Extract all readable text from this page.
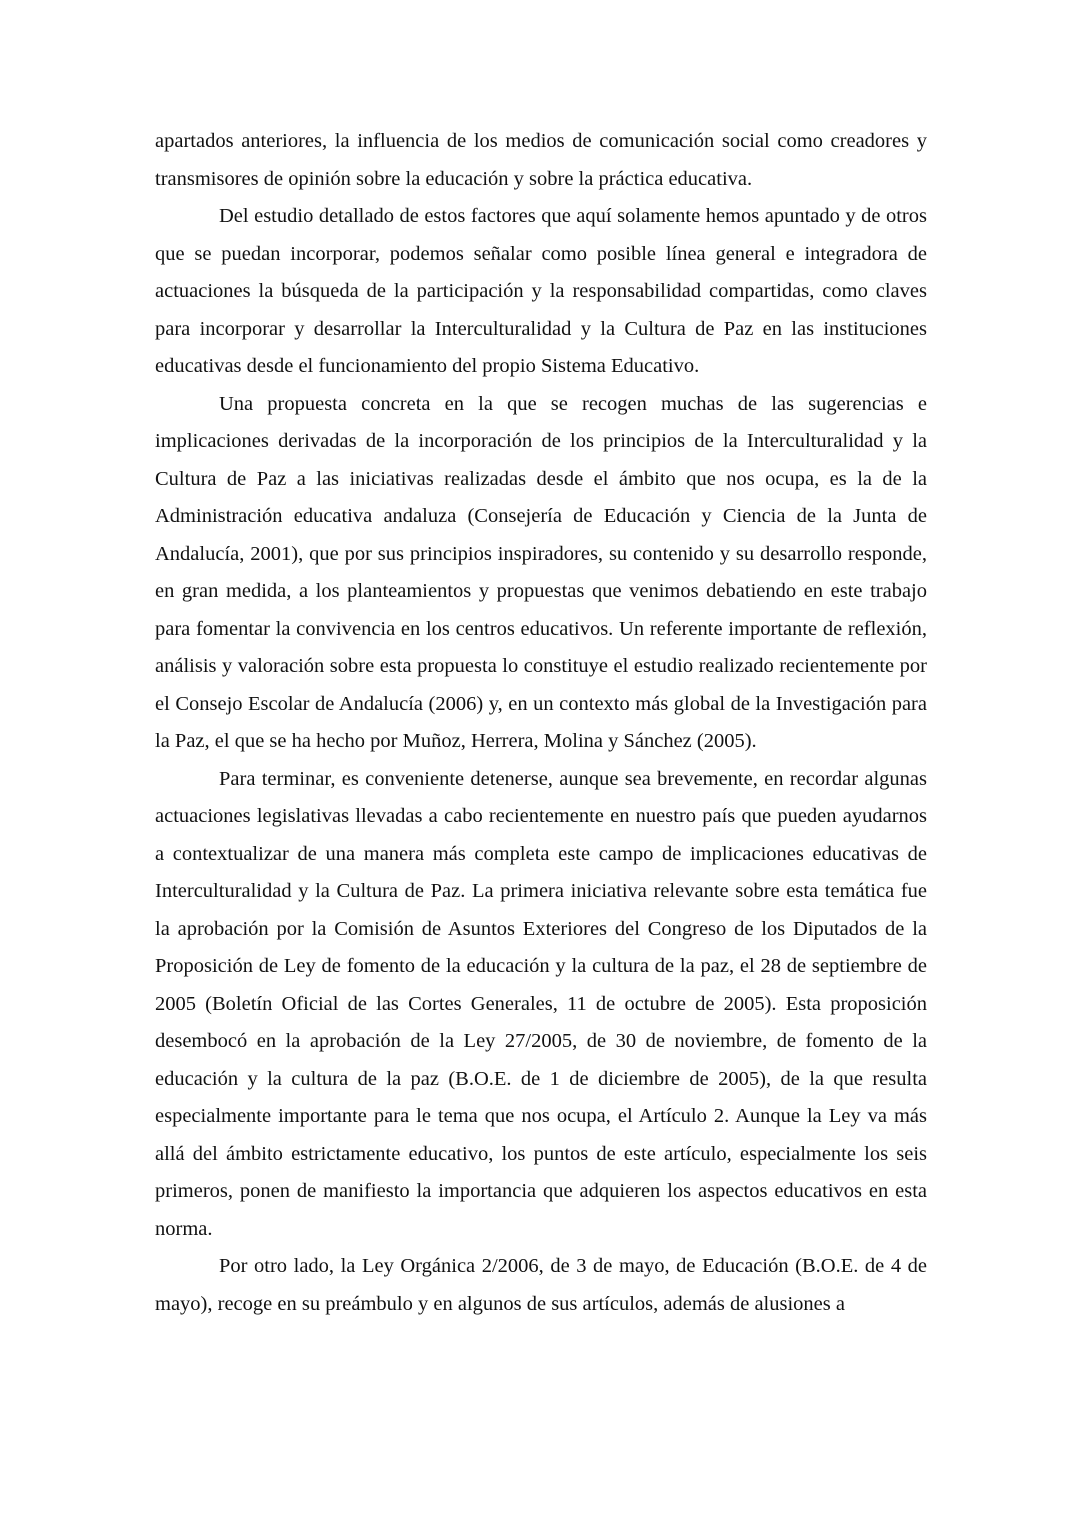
apartados anteriores, la influencia de los medios de comunicación social como creadores y transmisores de opinión sobre la educación y sobre la práctica educativa.

Del estudio detallado de estos factores que aquí solamente hemos apuntado y de otros que se puedan incorporar, podemos señalar como posible línea general e integradora de actuaciones la búsqueda de la participación y la responsabilidad compartidas, como claves para incorporar y desarrollar la Interculturalidad y la Cultura de Paz en las instituciones educativas desde el funcionamiento del propio Sistema Educativo.

Una propuesta concreta en la que se recogen muchas de las sugerencias e implicaciones derivadas de la incorporación de los principios de la Interculturalidad y la Cultura de Paz a las iniciativas realizadas desde el ámbito que nos ocupa, es la de la Administración educativa andaluza (Consejería de Educación y Ciencia de la Junta de Andalucía, 2001), que por sus principios inspiradores, su contenido y su desarrollo responde, en gran medida, a los planteamientos y propuestas que venimos debatiendo en este trabajo para fomentar la convivencia en los centros educativos. Un referente importante de reflexión, análisis y valoración sobre esta propuesta lo constituye el estudio realizado recientemente por el Consejo Escolar de Andalucía (2006) y, en un contexto más global de la Investigación para la Paz, el que se ha hecho por Muñoz, Herrera, Molina y Sánchez (2005).

Para terminar, es conveniente detenerse, aunque sea brevemente, en recordar algunas actuaciones legislativas llevadas a cabo recientemente en nuestro país que pueden ayudarnos a contextualizar de una manera más completa este campo de implicaciones educativas de Interculturalidad y la Cultura de Paz. La primera iniciativa relevante sobre esta temática fue la aprobación por la Comisión de Asuntos Exteriores del Congreso de los Diputados de la Proposición de Ley de fomento de la educación y la cultura de la paz, el 28 de septiembre de 2005 (Boletín Oficial de las Cortes Generales, 11 de octubre de 2005). Esta proposición desembocó en la aprobación de la Ley 27/2005, de 30 de noviembre, de fomento de la educación y la cultura de la paz (B.O.E. de 1 de diciembre de 2005), de la que resulta especialmente importante para le tema que nos ocupa, el Artículo 2. Aunque la Ley va más allá del ámbito estrictamente educativo, los puntos de este artículo, especialmente los seis primeros, ponen de manifiesto la importancia que adquieren los aspectos educativos en esta norma.

Por otro lado, la Ley Orgánica 2/2006, de 3 de mayo, de Educación (B.O.E. de 4 de mayo), recoge en su preámbulo y en algunos de sus artículos, además de alusiones a
